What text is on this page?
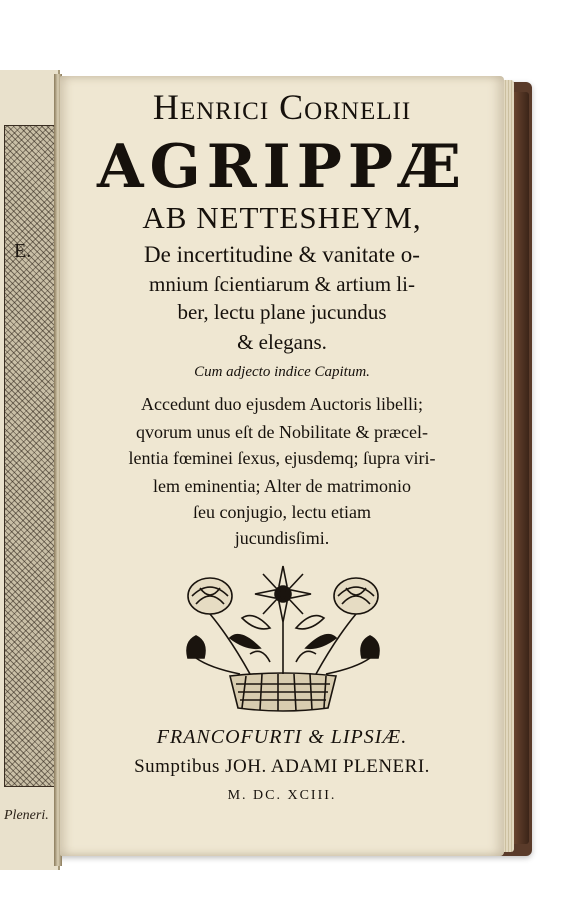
E.
Pleneri.
Henrici Cornelii
AGRIPPÆ
AB NETTESHEYM,
De incertitudine & vanitate o-
mnium ſcientiarum & artium li-
ber, lectu plane jucundus
& elegans.
Cum adjecto indice Capitum.
Accedunt duo ejusdem Auctoris libelli;
qvorum unus eſt de Nobilitate & præcel-
lentia fœminei ſexus, ejusdemq; ſupra viri-
lem eminentia; Alter de matrimonio
ſeu conjugio, lectu etiam
jucundisſimi.
FRANCOFURTI & LIPSIÆ.
Sumptibus JOH. ADAMI PLENERI.
M. DC. XCIII.
